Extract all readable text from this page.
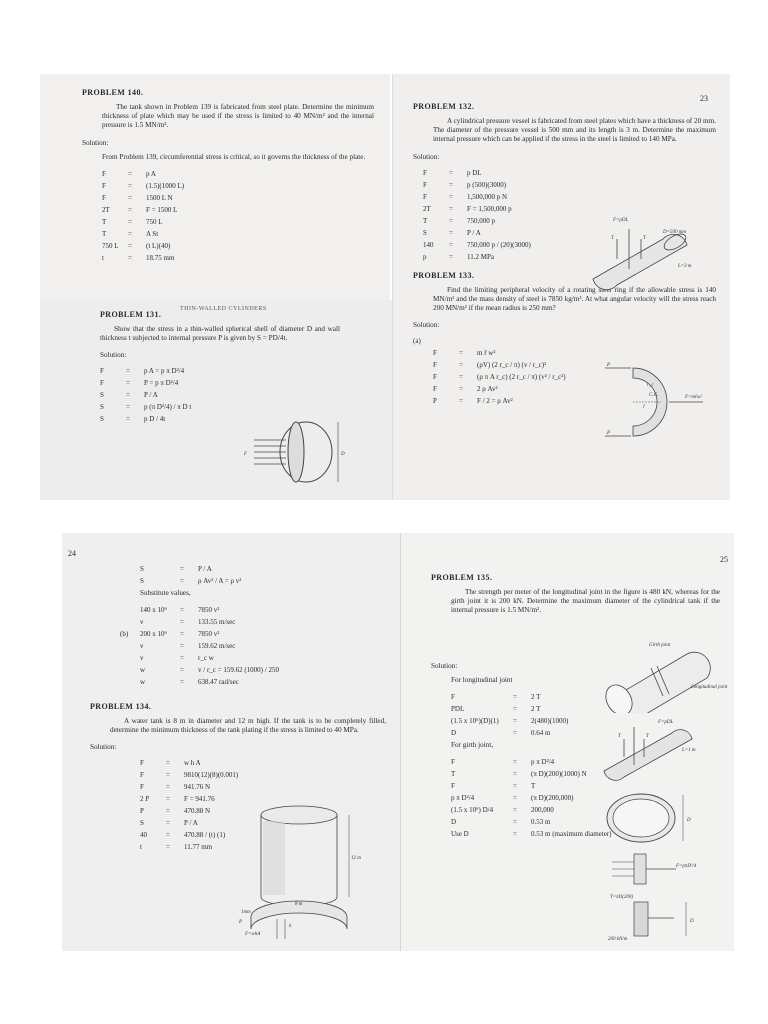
PROBLEM 140.
The tank shown in Problem 139 is fabricated from steel plate. Determine the minimum thickness of plate which may be used if the stress is limited to 40 MN/m² and the internal pressure is 1.5 MN/m².
Solution:
From Problem 139, circumferential stress is critical, so it governs the thickness of the plate.
F	= p A
F	= (1.5)(1000 L)
F	= 1500 L N
2T	= F = 1500 L
T	= 750 L
T	= A St
750 L = (t L)(40)
t	= 18.75 mm
PROBLEM 131.
Show that the stress in a thin-walled spherical shell of diameter D and wall thickness t subjected to internal pressure P is given by S = PD/4t.
Solution:
F	= p A = p π D²/4
F	= P = p π D²/4
S	= P / A
S	= p (π D²/4) / π D t
S	= p D / 4t
F	D
THIN-WALLED CYLINDERS
23
PROBLEM 132.
A cylindrical pressure vessel is fabricated from steel plates which have a thickness of 20 mm. The diameter of the pressure vessel is 500 mm and its length is 3 m. Determine the maximum internal pressure which can be applied if the stress in the steel is limited to 140 MPa.
Solution:
F	= p DL
F	= p (500)(3000)
F	= 1,500,000 p N
2T	= F = 1,500,000 p
T	= 750,000 p
S	= P / A
140 = 750,000 p / (20)(3000)
p	= 11.2 MPa
F=pDL
D=500 mm
L=3 m
T	T
PROBLEM 133.
Find the limiting peripheral velocity of a rotating steel ring if the allowable stress is 140 MN/m² and the mass density of steel is 7850 kg/m³. At what angular velocity will the stress reach 200 MN/m² if the mean radius is 250 mm?
Solution:
(a)
F	= m r̄ w²
F	= (ρV) (2 r_c / π) (v / r_c)²
F	= (ρ π A r_c) (2 r_c / π) (v² / r_c²)
F	= 2 ρ Av²
P	= F / 2 = ρ Av²
P
P
F=mr̄ω²
r_c
C.G.
r̄
24
S	= P / A
S	= ρ Av² / A = ρ v²
Substitute values,
140 x 10⁶ = 7850 v²
v	= 133.55 m/sec
(b)	200 x 10⁶ = 7850 v²
v	= 159.62 m/sec
v	= r_c w
w	= v / r_c = 159.62 (1000) / 250
w	= 638.47 rad/sec
PROBLEM 134.
A water tank is 8 m in diameter and 12 m high. If the tank is to be completely filled, determine the minimum thickness of the tank plating if the stress is limited to 40 MPa.
Solution:
F	= w h A
F	= 9810(12)(8)(0.001)
F	= 941.76 N
2 P = F = 941.76
P	= 470.88 N
S	= P / A
40	= 470.88 / (t) (1)
t	= 11.77 mm
12 m
8 m
1mm
F=whA
P
h
25
PROBLEM 135.
The strength per meter of the longitudinal joint in the figure is 480 kN, whereas for the girth joint it is 200 kN. Determine the maximum diameter of the cylindrical tank if the internal pressure is 1.5 MN/m².
Solution:
For longitudinal joint
F	= 2 T
PDL	= 2 T
(1.5 x 10⁶)(D)(1) = 2(480)(1000)
D	= 0.64 m
For girth joint,
F	= p π D²/4
T	= (π D)(200)(1000) N
F	= T
p π D²/4	= (π D)(200,000)
(1.5 x 10⁶) D/4	= 200,000
D	= 0.53 m
Use D	= 0.53 m (maximum diameter)
Girth joint
Longitudinal joint
F=pDL
L=1 m
T	T
D
F=pπD²/4
T=πD(200)
200 kN/m
D
